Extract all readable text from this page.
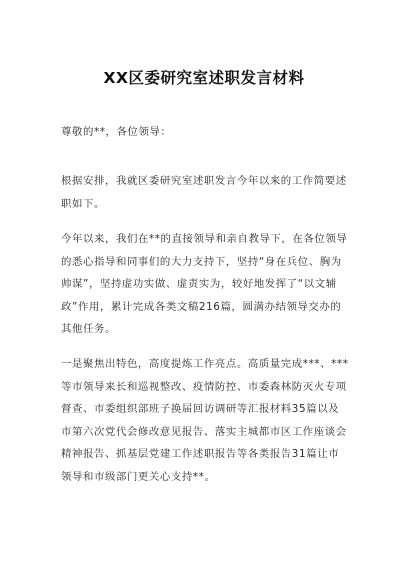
XX区委研究室述职发言材料

尊敬的**，各位领导：

根据安排，我就区委研究室述职发言今年以来的工作简要述职如下。

今年以来，我们在**的直接领导和亲自教导下，在各位领导的悉心指导和同事们的大力支持下，坚持“身在兵位、胸为帅谋”，坚持虚功实做、虚责实为，较好地发挥了“以文辅政”作用，累计完成各类文稿216篇，圆满办结领导交办的其他任务。

一是聚焦出特色，高度提炼工作亮点。高质量完成***、***等市领导来长和巡视整改、疫情防控、市委森林防灭火专项督查、市委组织部班子换届回访调研等汇报材料35篇以及市第六次党代会修改意见报告、落实主城都市区工作座谈会精神报告、抓基层党建工作述职报告等各类报告31篇让市领导和市级部门更关心支持**。
